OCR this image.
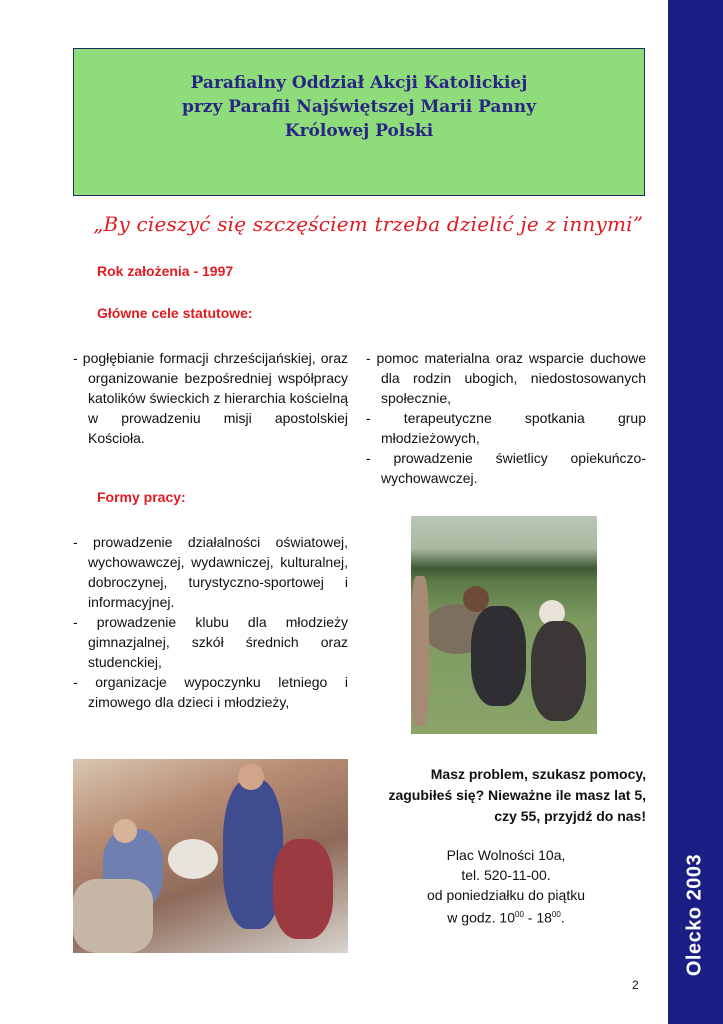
Olecko 2003
Parafialny Oddział Akcji Katolickiej
przy Parafii Najświętszej Marii Panny
Królowej Polski
„By cieszyć się szczęściem trzeba dzielić je z innymi”
Rok założenia - 1997
Główne cele statutowe:
- pogłębianie formacji chrześcijańskiej, oraz organizowanie bezpośredniej współpracy katolików świeckich z hierarchia kościelną w prowadzeniu misji apostolskiej Kościoła.
- pomoc materialna oraz wsparcie duchowe dla rodzin ubogich, niedostosowanych społecznie,
- terapeutyczne spotkania grup młodzieżowych,
- prowadzenie świetlicy opiekuńczo-wychowawczej.
Formy pracy:
- prowadzenie działalności oświatowej, wychowawczej, wydawniczej, kulturalnej, dobroczynej, turystyczno-sportowej i informacyjnej.
- prowadzenie klubu dla młodzieży gimnazjalnej, szkół średnich oraz studenckiej,
- organizacje wypoczynku letniego i zimowego dla dzieci i młodzieży,
Masz problem, szukasz pomocy, zagubiłeś się? Nieważne ile masz lat 5, czy 55, przyjdź do nas!
Plac Wolności 10a,
tel. 520-11-00.
od poniedziałku do piątku
w godz. $10^{00} - 18^{00}$.
2
